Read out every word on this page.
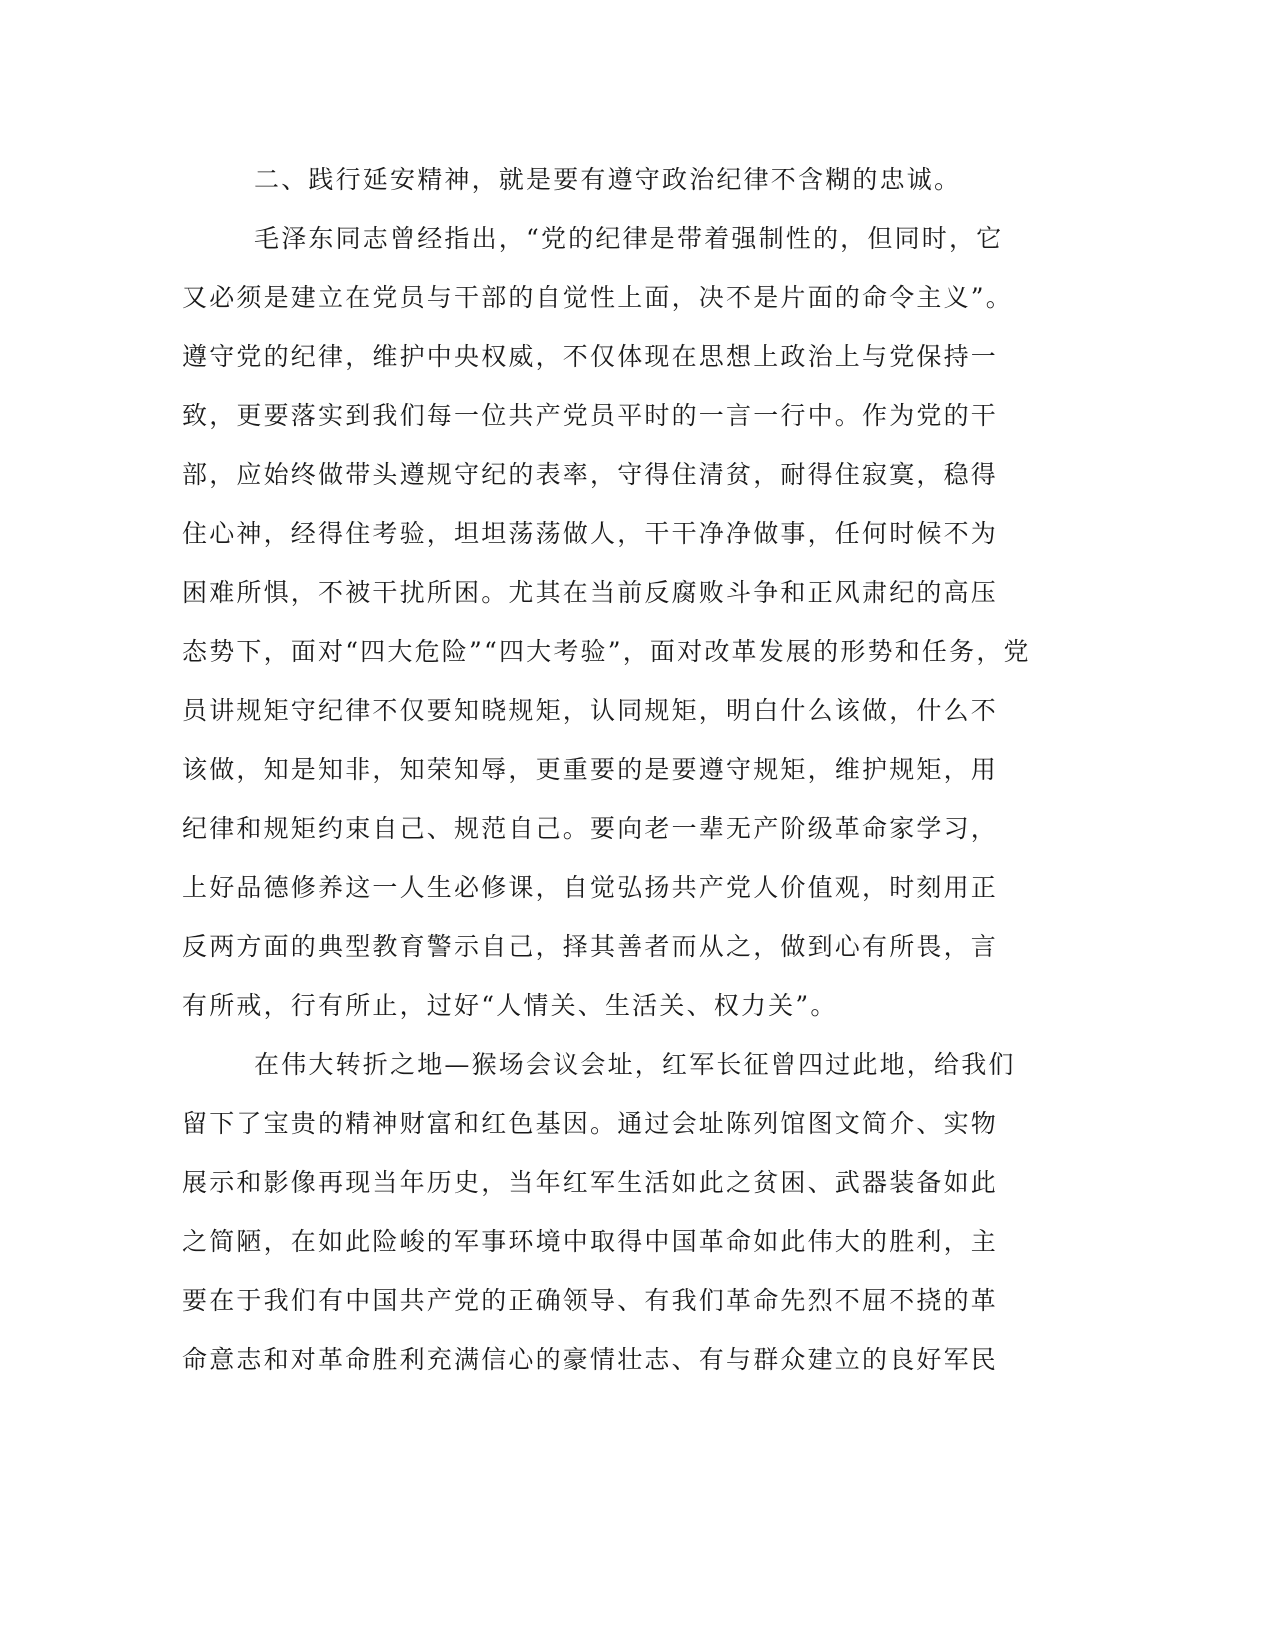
二、践行延安精神，就是要有遵守政治纪律不含糊的忠诚。
毛泽东同志曾经指出，“党的纪律是带着强制性的，但同时，它
又必须是建立在党员与干部的自觉性上面，决不是片面的命令主义”。
遵守党的纪律，维护中央权威，不仅体现在思想上政治上与党保持一
致，更要落实到我们每一位共产党员平时的一言一行中。作为党的干
部，应始终做带头遵规守纪的表率，守得住清贫，耐得住寂寞，稳得
住心神，经得住考验，坦坦荡荡做人，干干净净做事，任何时候不为
困难所惧，不被干扰所困。尤其在当前反腐败斗争和正风肃纪的高压
态势下，面对“四大危险”“四大考验”，面对改革发展的形势和任务，党
员讲规矩守纪律不仅要知晓规矩，认同规矩，明白什么该做，什么不
该做，知是知非，知荣知辱，更重要的是要遵守规矩，维护规矩，用
纪律和规矩约束自己、规范自己。要向老一辈无产阶级革命家学习，
上好品德修养这一人生必修课，自觉弘扬共产党人价值观，时刻用正
反两方面的典型教育警示自己，择其善者而从之，做到心有所畏，言
有所戒，行有所止，过好“人情关、生活关、权力关”。
在伟大转折之地—猴场会议会址，红军长征曾四过此地，给我们
留下了宝贵的精神财富和红色基因。通过会址陈列馆图文简介、实物
展示和影像再现当年历史，当年红军生活如此之贫困、武器装备如此
之简陋，在如此险峻的军事环境中取得中国革命如此伟大的胜利，主
要在于我们有中国共产党的正确领导、有我们革命先烈不屈不挠的革
命意志和对革命胜利充满信心的豪情壮志、有与群众建立的良好军民
